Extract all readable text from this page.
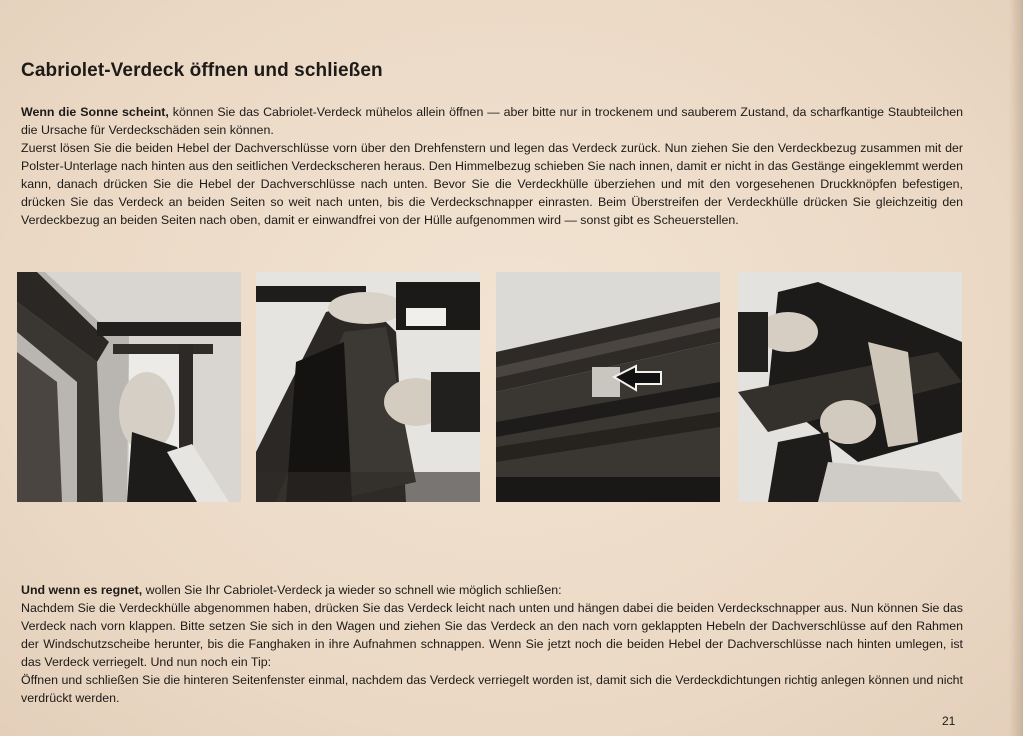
Cabriolet-Verdeck öffnen und schließen

Wenn die Sonne scheint, können Sie das Cabriolet-Verdeck mühelos allein öffnen — aber bitte nur in trockenem und sauberem Zustand, da scharfkantige Staubteilchen die Ursache für Verdeckschäden sein können.

Zuerst lösen Sie die beiden Hebel der Dachverschlüsse vorn über den Drehfenstern und legen das Verdeck zurück. Nun ziehen Sie den Verdeckbezug zusammen mit der Polster-Unterlage nach hinten aus den seitlichen Verdeckscheren heraus. Den Himmelbezug schieben Sie nach innen, damit er nicht in das Gestänge eingeklemmt werden kann, danach drücken Sie die Hebel der Dachverschlüsse nach unten. Bevor Sie die Verdeckhülle überziehen und mit den vorgesehenen Druckknöpfen befestigen, drücken Sie das Verdeck an beiden Seiten so weit nach unten, bis die Verdeckschnapper einrasten. Beim Überstreifen der Verdeckhülle drücken Sie gleichzeitig den Verdeckbezug an beiden Seiten nach oben, damit er einwandfrei von der Hülle aufgenommen wird — sonst gibt es Scheuerstellen.

Und wenn es regnet, wollen Sie Ihr Cabriolet-Verdeck ja wieder so schnell wie möglich schließen:

Nachdem Sie die Verdeckhülle abgenommen haben, drücken Sie das Verdeck leicht nach unten und hängen dabei die beiden Verdeckschnapper aus. Nun können Sie das Verdeck nach vorn klappen. Bitte setzen Sie sich in den Wagen und ziehen Sie das Verdeck an den nach vorn geklappten Hebeln der Dachverschlüsse auf den Rahmen der Windschutzscheibe herunter, bis die Fanghaken in ihre Aufnahmen schnappen. Wenn Sie jetzt noch die beiden Hebel der Dachverschlüsse nach hinten umlegen, ist das Verdeck verriegelt. Und nun noch ein Tip:

Öffnen und schließen Sie die hinteren Seitenfenster einmal, nachdem das Verdeck verriegelt worden ist, damit sich die Verdeckdichtungen richtig anlegen können und nicht verdrückt werden.

21
